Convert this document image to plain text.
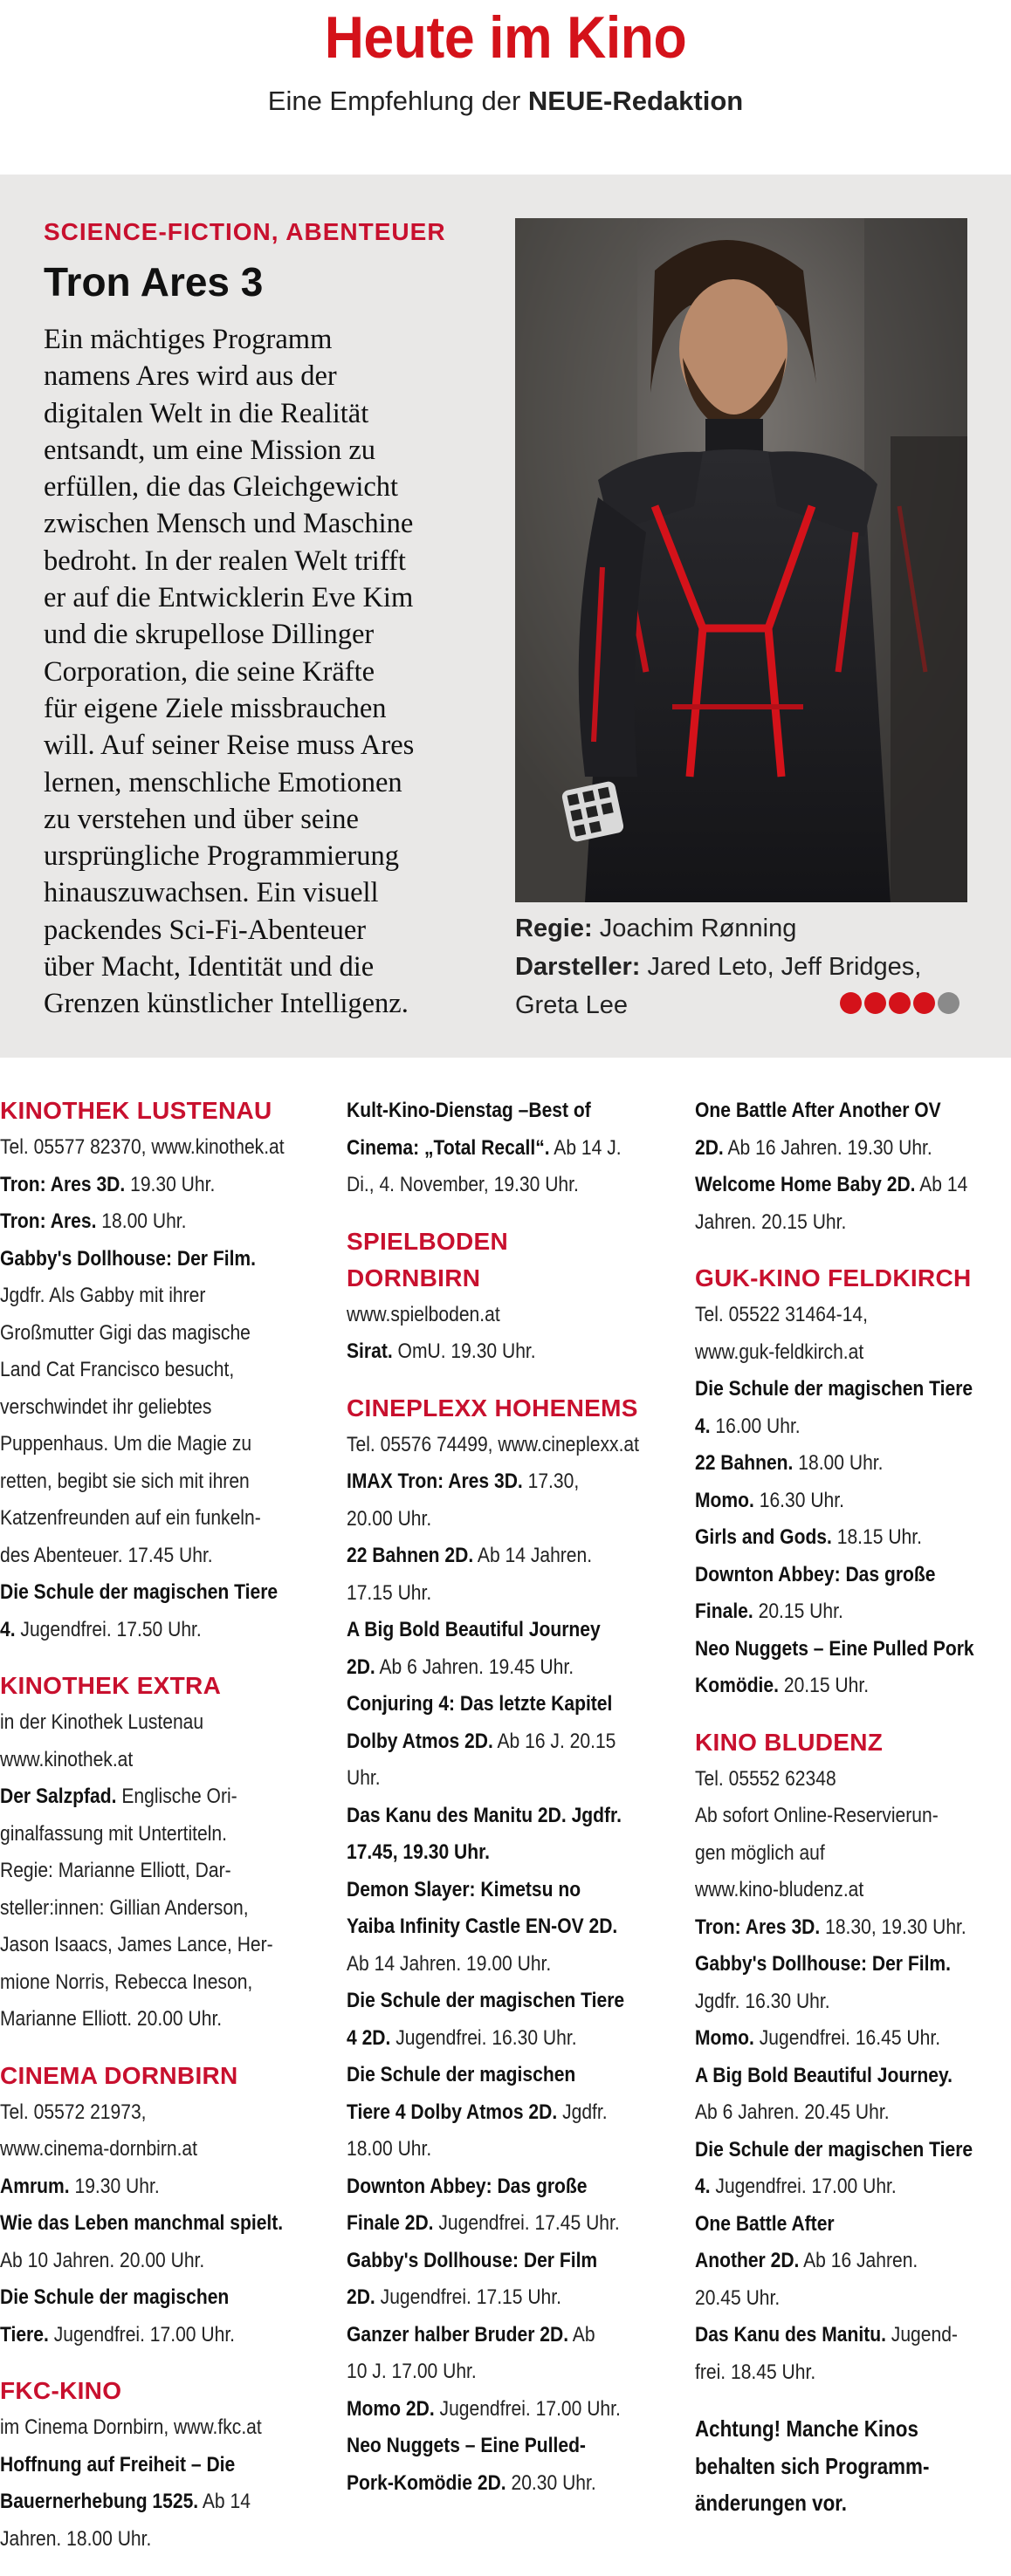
Heute im Kino
Eine Empfehlung der NEUE-Redaktion
SCIENCE-FICTION, ABENTEUER
Tron Ares 3
Ein mächtiges Programm
namens Ares wird aus der
digitalen Welt in die Realität
entsandt, um eine Mission zu
erfüllen, die das Gleichgewicht
zwischen Mensch und Maschine
bedroht. In der realen Welt trifft
er auf die Entwicklerin Eve Kim
und die skrupellose Dillinger
Corporation, die seine Kräfte
für eigene Ziele missbrauchen
will. Auf seiner Reise muss Ares
lernen, menschliche Emotionen
zu verstehen und über seine
ursprüngliche Programmierung
hinauszuwachsen. Ein visuell
packendes Sci-Fi-Abenteuer
über Macht, Identität und die
Grenzen künstlicher Intelligenz.
Regie: Joachim Rønning
Darsteller: Jared Leto, Jeff Bridges,
Greta Lee
KINOTHEK LUSTENAU
Tel. 05577 82370, www.kinothek.at
Tron: Ares 3D. 19.30 Uhr.
Tron: Ares. 18.00 Uhr.
Gabby's Dollhouse: Der Film.
Jgdfr. Als Gabby mit ihrer
Großmutter Gigi das magische
Land Cat Francisco besucht,
verschwindet ihr geliebtes
Puppenhaus. Um die Magie zu
retten, begibt sie sich mit ihren
Katzenfreunden auf ein funkeln-
des Abenteuer. 17.45 Uhr.
Die Schule der magischen Tiere
4. Jugendfrei. 17.50 Uhr.
KINOTHEK EXTRA
in der Kinothek Lustenau
www.kinothek.at
Der Salzpfad. Englische Ori-
ginalfassung mit Untertiteln.
Regie: Marianne Elliott, Dar-
steller:innen: Gillian Anderson,
Jason Isaacs, James Lance, Her-
mione Norris, Rebecca Ineson,
Marianne Elliott. 20.00 Uhr.
CINEMA DORNBIRN
Tel. 05572 21973,
www.cinema-dornbirn.at
Amrum. 19.30 Uhr.
Wie das Leben manchmal spielt.
Ab 10 Jahren. 20.00 Uhr.
Die Schule der magischen
Tiere. Jugendfrei. 17.00 Uhr.
FKC-KINO
im Cinema Dornbirn, www.fkc.at
Hoffnung auf Freiheit – Die
Bauernerhebung 1525. Ab 14
Jahren. 18.00 Uhr.
Kult-Kino-Dienstag –Best of
Cinema: „Total Recall“. Ab 14 J.
Di., 4. November, 19.30 Uhr.
SPIELBODEN
DORNBIRN
www.spielboden.at
Sirat. OmU. 19.30 Uhr.
CINEPLEXX HOHENEMS
Tel. 05576 74499, www.cineplexx.at
IMAX Tron: Ares 3D. 17.30,
20.00 Uhr.
22 Bahnen 2D. Ab 14 Jahren.
17.15 Uhr.
A Big Bold Beautiful Journey
2D. Ab 6 Jahren. 19.45 Uhr.
Conjuring 4: Das letzte Kapitel
Dolby Atmos 2D. Ab 16 J. 20.15
Uhr.
Das Kanu des Manitu 2D. Jgdfr.
17.45, 19.30 Uhr.
Demon Slayer: Kimetsu no
Yaiba Infinity Castle EN-OV 2D.
Ab 14 Jahren. 19.00 Uhr.
Die Schule der magischen Tiere
4 2D. Jugendfrei. 16.30 Uhr.
Die Schule der magischen
Tiere 4 Dolby Atmos 2D. Jgdfr.
18.00 Uhr.
Downton Abbey: Das große
Finale 2D. Jugendfrei. 17.45 Uhr.
Gabby's Dollhouse: Der Film
2D. Jugendfrei. 17.15 Uhr.
Ganzer halber Bruder 2D. Ab
10 J. 17.00 Uhr.
Momo 2D. Jugendfrei. 17.00 Uhr.
Neo Nuggets – Eine Pulled-
Pork-Komödie 2D. 20.30 Uhr.
One Battle After Another OV
2D. Ab 16 Jahren. 19.30 Uhr.
Welcome Home Baby 2D. Ab 14
Jahren. 20.15 Uhr.
GUK-KINO FELDKIRCH
Tel. 05522 31464-14,
www.guk-feldkirch.at
Die Schule der magischen Tiere
4. 16.00 Uhr.
22 Bahnen. 18.00 Uhr.
Momo. 16.30 Uhr.
Girls and Gods. 18.15 Uhr.
Downton Abbey: Das große
Finale. 20.15 Uhr.
Neo Nuggets – Eine Pulled Pork
Komödie. 20.15 Uhr.
KINO BLUDENZ
Tel. 05552 62348
Ab sofort Online-Reservierun-
gen möglich auf
www.kino-bludenz.at
Tron: Ares 3D. 18.30, 19.30 Uhr.
Gabby's Dollhouse: Der Film.
Jgdfr. 16.30 Uhr.
Momo. Jugendfrei. 16.45 Uhr.
A Big Bold Beautiful Journey.
Ab 6 Jahren. 20.45 Uhr.
Die Schule der magischen Tiere
4. Jugendfrei. 17.00 Uhr.
One Battle After
Another 2D. Ab 16 Jahren.
20.45 Uhr.
Das Kanu des Manitu. Jugend-
frei. 18.45 Uhr.
Achtung! Manche Kinos
behalten sich Programm-
änderungen vor.
